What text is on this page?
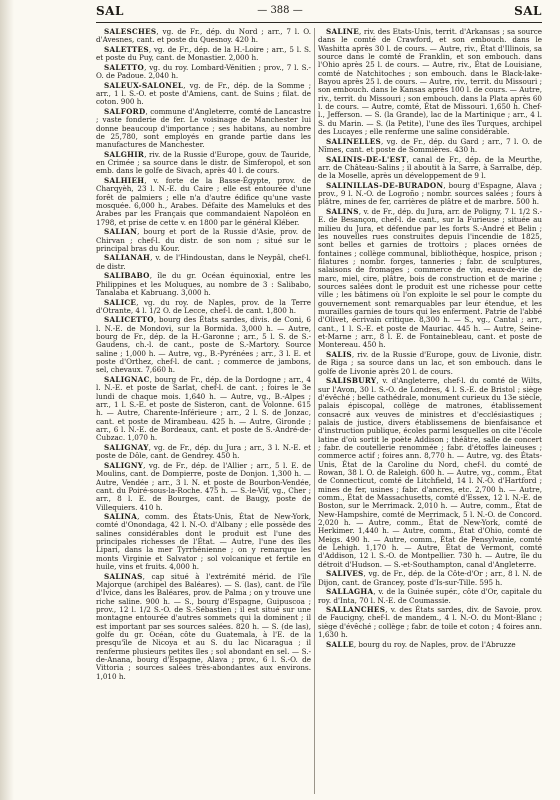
SAL	— 388 —	SAL

SALESCHES, vg. de Fr., dép. du Nord ; arr., 7 l. O. d'Avesnes, cant. et poste du Quesnoy. 420 h.

SALETTES, vg. de Fr., dép. de la H.-Loire ; arr., 5 l. S. et poste du Puy, cant. de Monastier. 2,000 h.

SALETTO, vg. du roy. Lombard-Vénitien ; prov., 7 l. S.-O. de Padoue. 2,040 h.

SALEUX-SALONEL, vg. de Fr., dép. de la Somme ; arr., 1 l. S.-O. et poste d'Amiens, cant. de Suins ; filat. de coton. 900 h.

SALFORD, commune d'Angleterre, comté de Lancastre ; vaste fonderie de fer. Le voisinage de Manchester lui donne beaucoup d'importance ; ses habitans, au nombre de 25,780, sont employés en grande partie dans les manufactures de Manchester.

SALGHIR, riv. de la Russie d'Europe, gouv. de Tauride, en Crimée ; sa source dans le distr. de Simferopol, et son emb. dans le golfe de Sivach, après 40 l. de cours.

SALHIEH, v. forte de la Basse-Égypte, prov. de Charqyèh, 23 l. N.-E. du Caire ; elle est entourée d'une forêt de palmiers ; elle n'a d'autre édifice qu'une vaste mosquée. 6,000 h., Arabes. Défaite des Mameluks et des Arabes par les Français que commandaient Napoléon en 1798, et prise de cette v. en 1800 par le général Kléber.

SALIAN, bourg et port de la Russie d'Asie, prov. de Chirvan ; chef-l. du distr. de son nom ; situé sur le principal bras du Kour.

SALIANAH, v. de l'Hindoustan, dans le Neypâl, chef-l. de distr.

SALIBABO, île du gr. Océan équinoxial, entre les Philippines et les Moluques, au nombre de 3 : Salibabo, Tanalaba et Kabruang. 3,000 h.

SALICE, vg. du roy. de Naples, prov. de la Terre d'Otrante, 4 l. 1/2 O. de Lecce, chef-l. de cant. 1,800 h.

SALICETTO, bourg des États sardes, divis. de Coni, 6 l. N.-E. de Mondovi, sur la Bormida. 3,000 h. — Autre, bourg de Fr., dép. de la H.-Garonne ; arr., 5 l. S. de S.-Gaudens, ch.-l. de cant., poste de S.-Martory. Source saline ; 1,000 h. — Autre, vg., B.-Pyrénées ; arr., 3 l. E. et poste d'Orthez, chef-l. de cant. ; commerce de jambons, sel, chevaux. 7,660 h.

SALIGNAC, bourg de Fr., dép. de la Dordogne ; arr., 4 l. N.-E. et poste de Sarlat, chef-l. de cant. ; foires le 3e lundi de chaque mois. 1,640 h. — Autre, vg., B.-Alpes ; arr., 1 l. S.-E. et poste de Sisteron, cant. de Volonne. 615 h. — Autre, Charente-Inférieure ; arr., 2 l. S. de Jonzac, cant. et poste de Mirambeau. 425 h. — Autre, Gironde ; arr., 6 l. N.-E. de Bordeaux, cant. et poste de S.-André-de-Cubzac. 1,070 h.

SALIGNAY, vg. de Fr., dép. du Jura ; arr., 3 l. N.-E. et poste de Dôle, cant. de Gendrey. 450 h.

SALIGNY, vg. de Fr., dép. de l'Allier ; arr., 5 l. E. de Moulins, cant. de Dompierre, poste de Donjon. 1,300 h. — Autre, Vendée ; arr., 3 l. N. et poste de Bourbon-Vendée, cant. du Poiré-sous-la-Roche. 475 h. — S.-le-Vif, vg., Cher ; arr., 8 l. E. de Bourges, cant. de Baugy, poste de Villequiers. 410 h.

SALINA, comm. des États-Unis, État de New-York, comté d'Onondaga, 42 l. N.-O. d'Albany ; elle possède des salines considérables dont le produit est l'une des principales richesses de l'État. — Autre, l'une des îles Lipari, dans la mer Tyrrhénienne ; on y remarque les monts Virginie et Salvator ; sol volcanique et fertile en huile, vins et fruits. 4,000 h.

SALINAS, cap situé à l'extrémité mérid. de l'île Majorque (archipel des Baléares). — S. (las), cant. de l'île d'Ivice, dans les Baléares, prov. de Palma ; on y trouve une riche saline. 900 h. — S., bourg d'Espagne, Guipuscoa ; prov., 12 l. 1/2 S.-O. de S.-Sébastien ; il est situé sur une montagne entourée d'autres sommets qui la dominent ; il est important par ses sources salées. 820 h. — S. (de las), golfe du gr. Océan, côte du Guatemala, à l'E. de la presqu'île de Nicoya et au S. du lac Nicaragua ; il renferme plusieurs petites îles ; sol abondant en sel. — S.-de-Anana, bourg d'Espagne, Alava ; prov., 6 l. S.-O. de Vittoria ; sources salées très-abondantes aux environs. 1,010 h.

SALINE, riv. des États-Unis, territ. d'Arkansas ; sa source dans le comté de Crawford, et son embouch. dans le Washitta après 30 l. de cours. — Autre, riv., État d'Illinois, sa source dans le comté de Franklin, et son embouch. dans l'Ohio après 25 l. de cours. — Autre, riv., État de Louisiane, comté de Natchitoches ; son embouch. dans le Black-lake-Bayou après 25 l. de cours. — Autre, riv., territ. du Missouri ; son embouch. dans le Kansas après 100 l. de cours. — Autre, riv., territ. du Missouri ; son embouch. dans la Plata après 60 l. de cours. — Autre, comté, État de Missouri. 1,650 h. Chef-l., Jefferson. — S. (la Grande), lac de la Martinique ; arr., 4 l. S. du Marin. — S. (la Petite), l'une des îles Turques, archipel des Lucayes ; elle renferme une saline considérable.

SALINELLES, vg. de Fr., dép. du Gard ; arr., 7 l. O. de Nîmes, cant. et poste de Sommières. 430 h.

SALINIS-DE-L'EST, canal de Fr., dép. de la Meurthe, arr. de Château-Salins ; il aboutit à la Sarre, à Sarralbe, dép. de la Moselle, après un développement de 9 l.

SALINILLAS-DE-BURADON, bourg d'Espagne, Alava ; prov., 9 l. N.-O. de Logroño ; nombr. sources salées ; fours à plâtre, mines de fer, carrières de plâtre et de marbre. 500 h.

SALINS, v. de Fr., dép. du Jura, arr. de Poligny, 7 l. 1/2 S.-E. de Besançon, chef-l. de cant., sur la Furieuse ; située au milieu du Jura, et défendue par les forts S.-André et Belin ; les nouvelles rues construites depuis l'incendie de 1825, sont belles et garnies de trottoirs ; places ornées de fontaines ; collège communal, bibliothèque, hospice, prison ; filatures ; nombr. forges, tanneries ; fabr. de sculptures, salaisons de fromages ; commerce de vin, eaux-de-vie de marc, miel, cire, plâtre, bois de construction et de marine ; sources salées dont le produit est une richesse pour cette ville ; les bâtimens où l'on exploite le sel pour le compte du gouvernement sont remarquables par leur étendue, et les murailles garnies de tours qui les enferment. Patrie de l'abbé d'Olivet, écrivain critique. 8,300 h. — S., vg., Cantal ; arr., cant., 1 l. S.-E. et poste de Mauriac. 445 h. — Autre, Seine-et-Marne ; arr., 8 l. E. de Fontainebleau, cant. et poste de Montereau. 450 h.

SALIS, riv. de la Russie d'Europe, gouv. de Livonie, distr. de Riga ; sa source dans un lac, et son embouch. dans le golfe de Livonie après 20 l. de cours.

SALISBURY, v. d'Angleterre, chef-l. du comté de Wilts, sur l'Avon, 30 l. S.-O. de Londres, 4 l. S.-E. de Bristol ; siège d'évêché ; belle cathédrale, monument curieux du 13e siècle, palais épiscopal, collège de matrones, établissement consacré aux veuves de ministres et d'ecclésiastiques ; palais de justice, divers établissemens de bienfaisance et d'instruction publique, écoles parmi lesquelles on cite l'école latine d'où sortit le poète Addison ; théâtre, salle de concert ; fabr. de coutellerie renommée ; fabr. d'étoffes laineuses ; commerce actif ; foires ann. 8,770 h. — Autre, vg. des États-Unis, État de la Caroline du Nord, chef-l. du comté de Rowan, 38 l. O. de Raleigh. 600 h. — Autre, vg., comm., État de Connecticut, comté de Litchfield, 14 l. N.-O. d'Hartford ; mines de fer, usines ; fabr. d'ancres, etc. 2,700 h. — Autre, comm., État de Massachusetts, comté d'Essex, 12 l. N.-E. de Boston, sur le Merrimack. 2,010 h. — Autre, comm., État de New-Hampshire, comté de Merrimack, 5 l. N.-O. de Concord. 2,020 h. — Autre, comm., État de New-York, comté de Herkimer. 1,440 h. — Autre, comm., État d'Ohio, comté de Meigs. 490 h. — Autre, comm., État de Pensylvanie, comté de Lehigh. 1,170 h. — Autre, État de Vermont, comté d'Addison, 12 l. S.-O. de Montpellier. 730 h. — Autre, île du détroit d'Hudson. — S.-et-Southampton, canal d'Angleterre.

SALIVES, vg. de Fr., dép. de la Côte-d'Or ; arr., 8 l. N. de Dijon, cant. de Grancey, poste d'Is-sur-Tille. 595 h.

SALLAGHA, v. de la Guinée supér., côte d'Or, capitale du roy. d'Inta, 70 l. N.-E. de Coumassie.

SALLANCHES, v. des États sardes, div. de Savoie, prov. de Faucigny, chef-l. de mandem., 4 l. N.-O. du Mont-Blanc ; siège d'évêché ; collège ; fabr. de toile et coton ; 4 foires ann. 1,630 h.

SALLE, bourg du roy. de Naples, prov. de l'Abruzze
